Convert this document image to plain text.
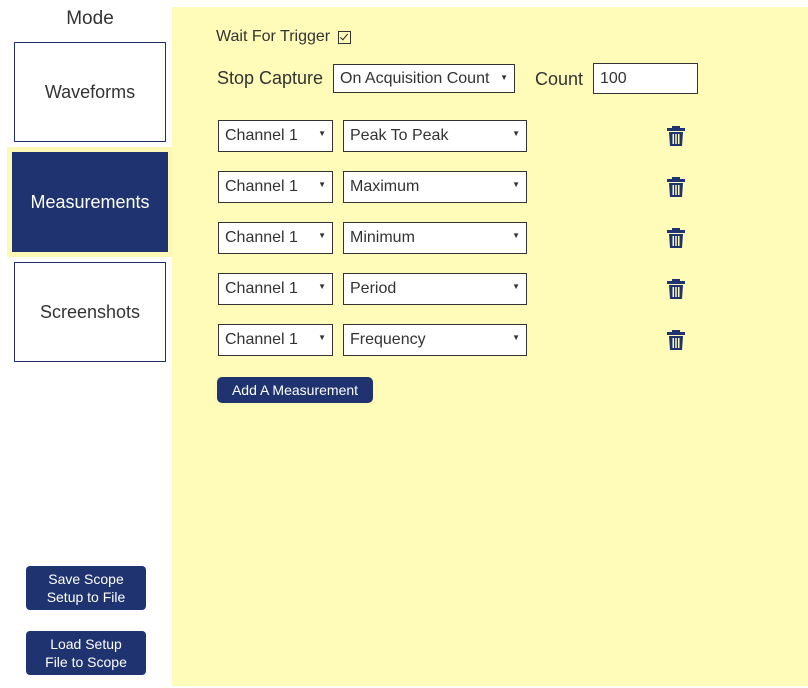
Mode
Waveforms
Measurements
Screenshots
Save Scope
Setup to File
Load Setup
File to Scope
Wait For Trigger
Stop Capture	On Acquisition Count ▼ Count
100
Channel 1	▼	Peak To Peak	▼
Channel 1	▼	Maximum	▼
Channel 1	▼	Minimum	▼
Channel 1	▼	Period	▼
Channel 1	▼	Frequency	▼
Add A Measurement
